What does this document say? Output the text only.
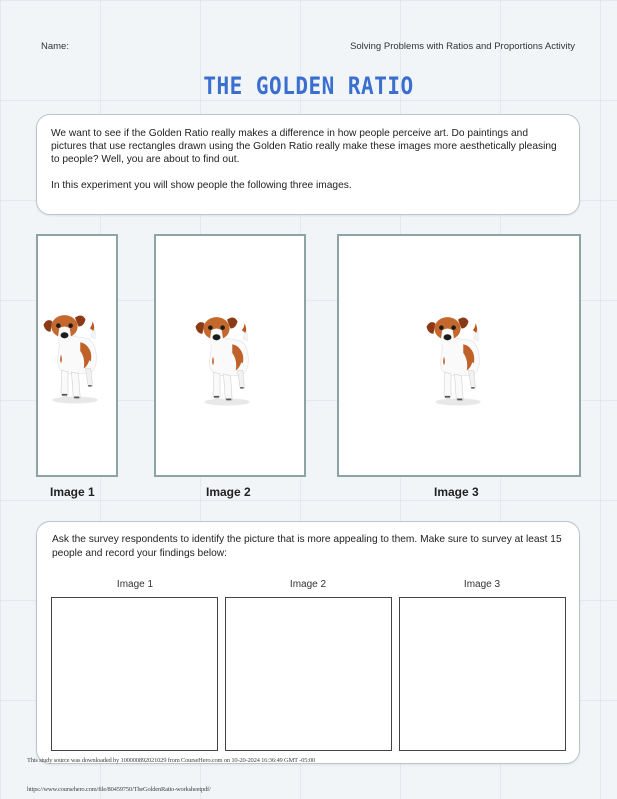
Name:	Solving Problems with Ratios and Proportions Activity
THE GOLDEN RATIO

We want to see if the Golden Ratio really makes a difference in how people perceive art. Do paintings and pictures that use rectangles drawn using the Golden Ratio really make these images more aesthetically pleasing to people? Well, you are about to find out.

In this experiment you will show people the following three images.

Image 1	Image 2	Image 3

Ask the survey respondents to identify the picture that is more appealing to them. Make sure to survey at least 15 people and record your findings below:

Image 1	Image 2	Image 3
This study source was downloaded by 100000892021029 from CourseHero.com on 10-20-2024 16:36:49 GMT -05:00
https://www.coursehero.com/file/80459750/TheGoldenRatio-worksheetpdf/
